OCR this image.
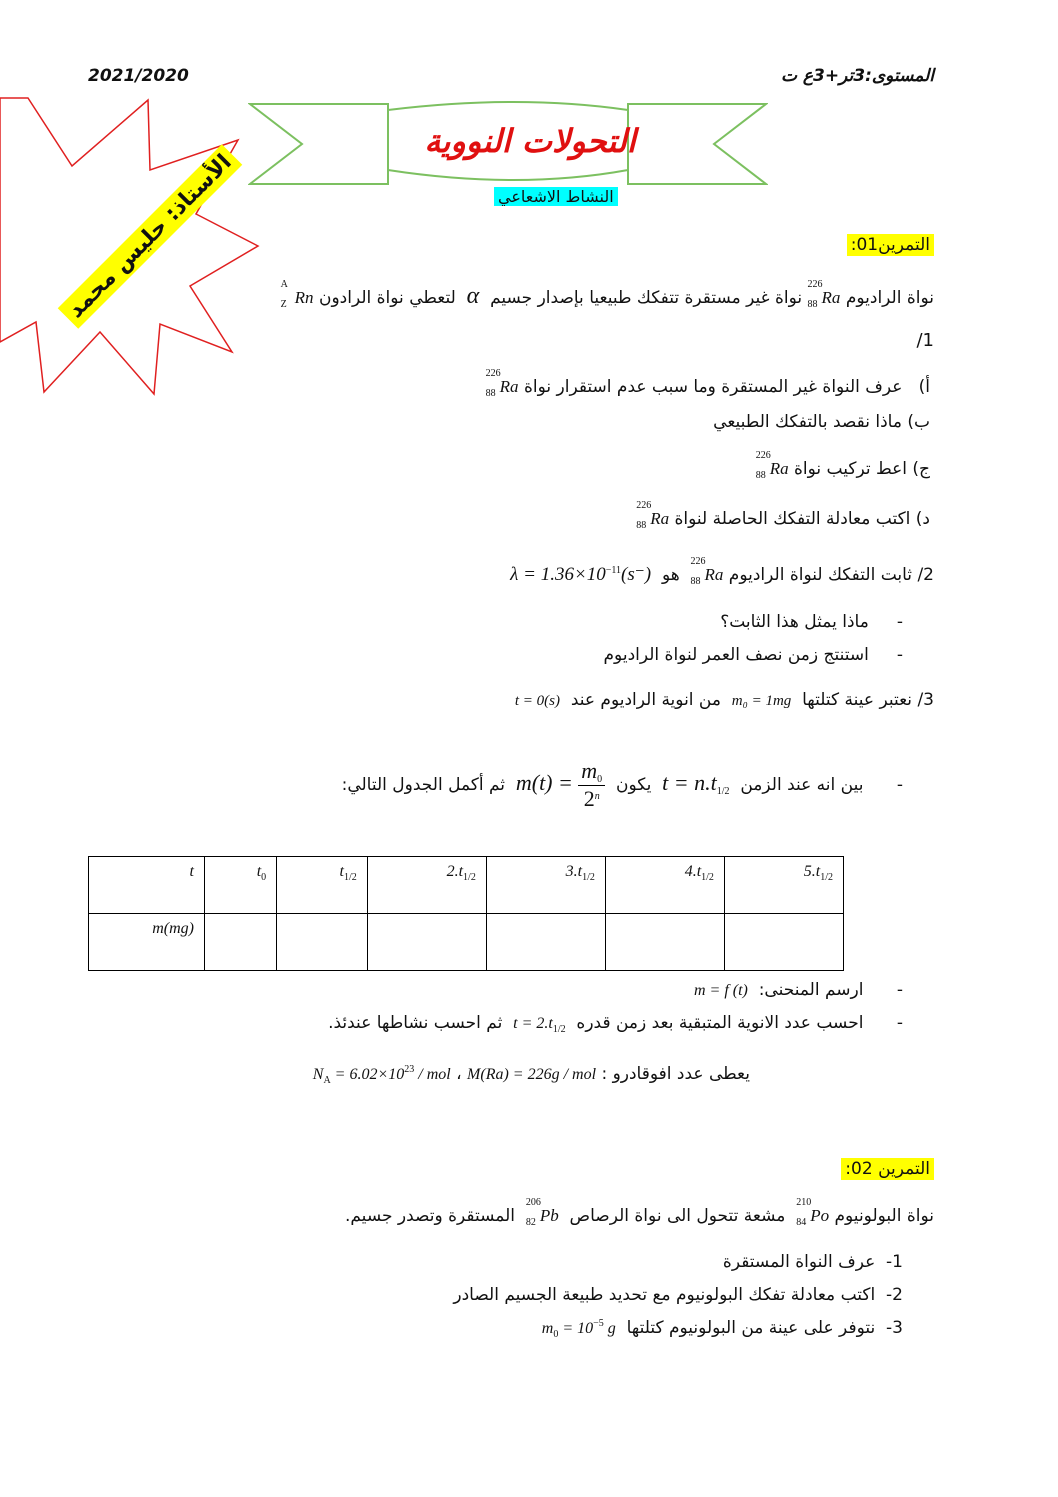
المستوى:3تر+3ع ت
2021/2020
الأستاذ: حليس محمد
التحولات النووية
النشاط الاشعاعي
التمرين01:
نواة الراديوم
226
88 Ra نواة غير مستقرة تتفكك طبيعيا بإصدار جسيم  α  لتعطي نواة الرادون
A
Z Rn
/1
أ)   عرف النواة غير المستقرة وما سبب عدم استقرار نواة
226
88 Ra
ب) ماذا نقصد بالتفكك الطبيعي
ج) اعط تركيب نواة
226
88 Ra
د) اكتب معادلة التفكك الحاصلة لنواة
226
88 Ra
2/ ثابت التفكك لنواة الراديوم
226
88 Ra  هو  $\lambda = 1.36\times 10^{-11}(s^-)$
-ماذا يمثل هذا الثابت؟
-استنتج زمن نصف العمر لنواة الراديوم
3/ نعتبر عينة كتلتها  m₀ = 1mg  من انوية الراديوم عند  t = 0(s)
- بين انه عند الزمن  $t = n.t_{1/2}$  يكون  $m(t) = \frac{m_0}{2^n}$
ثم أكمل الجدول التالي:
t	$t_0$	$t_{1/2}$	$2.t_{1/2}$	$3.t_{1/2}$	$4.t_{1/2}$	$5.t_{1/2}$
m(mg)						
- ارسم المنحنى:  m = f (t)
- احسب عدد الانوية المتبقية بعد زمن قدره  $t = 2.t_{1/2}$  ثم احسب نشاطها عندئذ.
يعطى عدد افوقادرو : M(Ra) = 226g / mol ، $N_A = 6.02\times 10^{23}$ / mol
التمرين 02:
نواة البولونيوم
210
84 Po  مشعة تتحول الى نواة الرصاص
206
82 Pb  المستقرة وتصدر جسيم.
1-  عرف النواة المستقرة
2-  اكتب معادلة تفكك البولونيوم مع تحديد طبيعة الجسيم الصادر
3-  نتوفر على عينة من البولونيوم كتلتها  $m_0 = 10^{-5}$ g
